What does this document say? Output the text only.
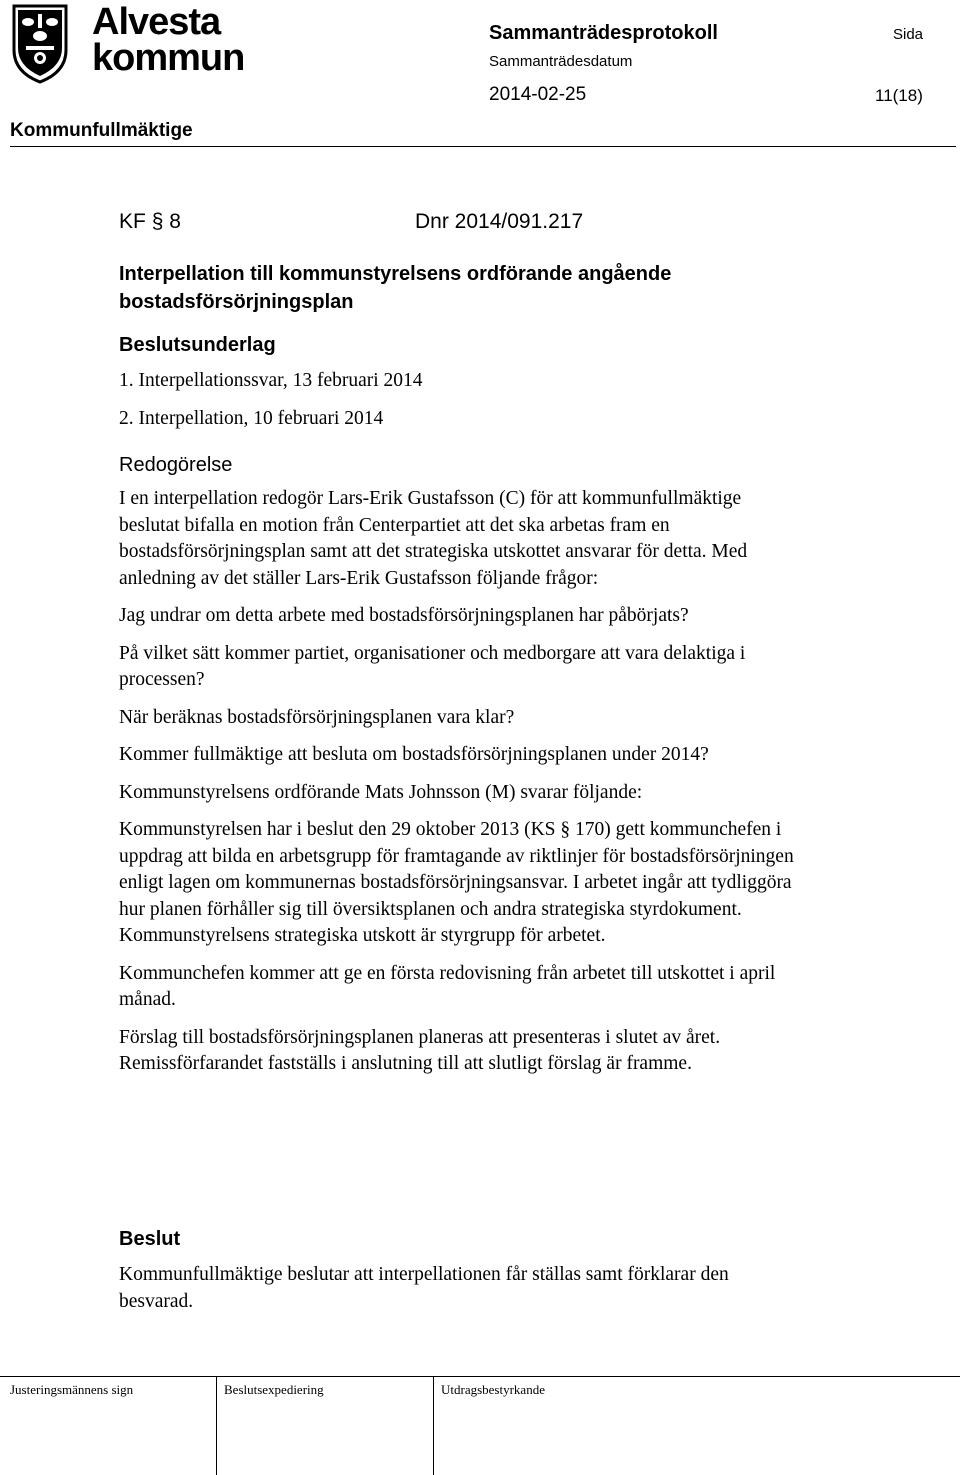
Alvesta
kommun
Sammanträdesprotokoll	Sida
Sammanträdesdatum
2014-02-25	11(18)
Kommunfullmäktige
KF § 8	Dnr 2014/091.217
Interpellation till kommunstyrelsens ordförande angående bostadsförsörjningsplan
Beslutsunderlag
1. Interpellationssvar, 13 februari 2014
2. Interpellation, 10 februari 2014
Redogörelse

I en interpellation redogör Lars-Erik Gustafsson (C) för att kommunfullmäktige beslutat bifalla en motion från Centerpartiet att det ska arbetas fram en bostadsförsörjningsplan samt att det strategiska utskottet ansvarar för detta. Med anledning av det ställer Lars-Erik Gustafsson följande frågor:

Jag undrar om detta arbete med bostadsförsörjningsplanen har påbörjats?

På vilket sätt kommer partiet, organisationer och medborgare att vara delaktiga i processen?

När beräknas bostadsförsörjningsplanen vara klar?

Kommer fullmäktige att besluta om bostadsförsörjningsplanen under 2014?

Kommunstyrelsens ordförande Mats Johnsson (M) svarar följande:

Kommunstyrelsen har i beslut den 29 oktober 2013 (KS § 170) gett kommunchefen i uppdrag att bilda en arbetsgrupp för framtagande av riktlinjer för bostadsförsörjningen enligt lagen om kommunernas bostadsförsörjningsansvar. I arbetet ingår att tydliggöra hur planen förhåller sig till översiktsplanen och andra strategiska styrdokument. Kommunstyrelsens strategiska utskott är styrgrupp för arbetet.

Kommunchefen kommer att ge en första redovisning från arbetet till utskottet i april månad.

Förslag till bostadsförsörjningsplanen planeras att presenteras i slutet av året. Remissförfarandet fastställs i anslutning till att slutligt förslag är framme.

Beslut
Kommunfullmäktige beslutar att interpellationen får ställas samt förklarar den besvarad.
Justeringsmännens sign	Beslutsexpediering	Utdragsbestyrkande
